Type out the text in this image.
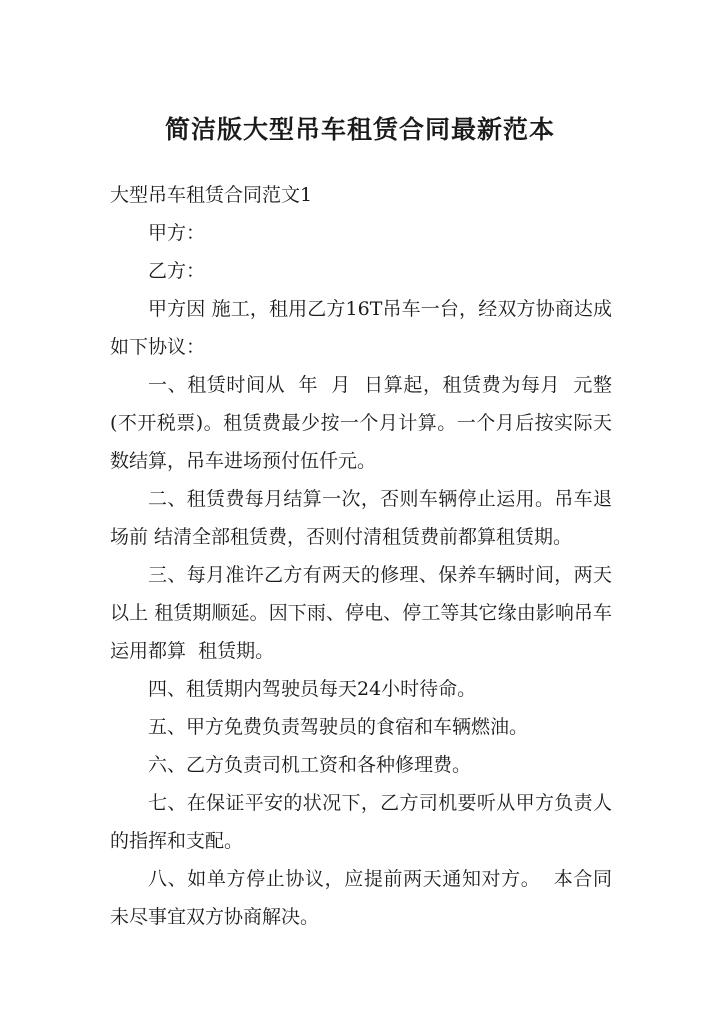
简洁版大型吊车租赁合同最新范本

大型吊车租赁合同范文1

甲方：

乙方：

甲方因 施工，租用乙方16T吊车一台，经双方协商达成如下协议：

一、租赁时间从  年  月  日算起，租赁费为每月  元整(不开税票)。租赁费最少按一个月计算。一个月后按实际天数结算，吊车进场预付伍仟元。

二、租赁费每月结算一次，否则车辆停止运用。吊车退场前 结清全部租赁费，否则付清租赁费前都算租赁期。

三、每月准许乙方有两天的修理、保养车辆时间，两天以上 租赁期顺延。因下雨、停电、停工等其它缘由影响吊车运用都算  租赁期。

四、租赁期内驾驶员每天24小时待命。

五、甲方免费负责驾驶员的食宿和车辆燃油。

六、乙方负责司机工资和各种修理费。

七、在保证平安的状况下，乙方司机要听从甲方负责人的指挥和支配。

八、如单方停止协议，应提前两天通知对方。  本合同未尽事宜双方协商解决。
